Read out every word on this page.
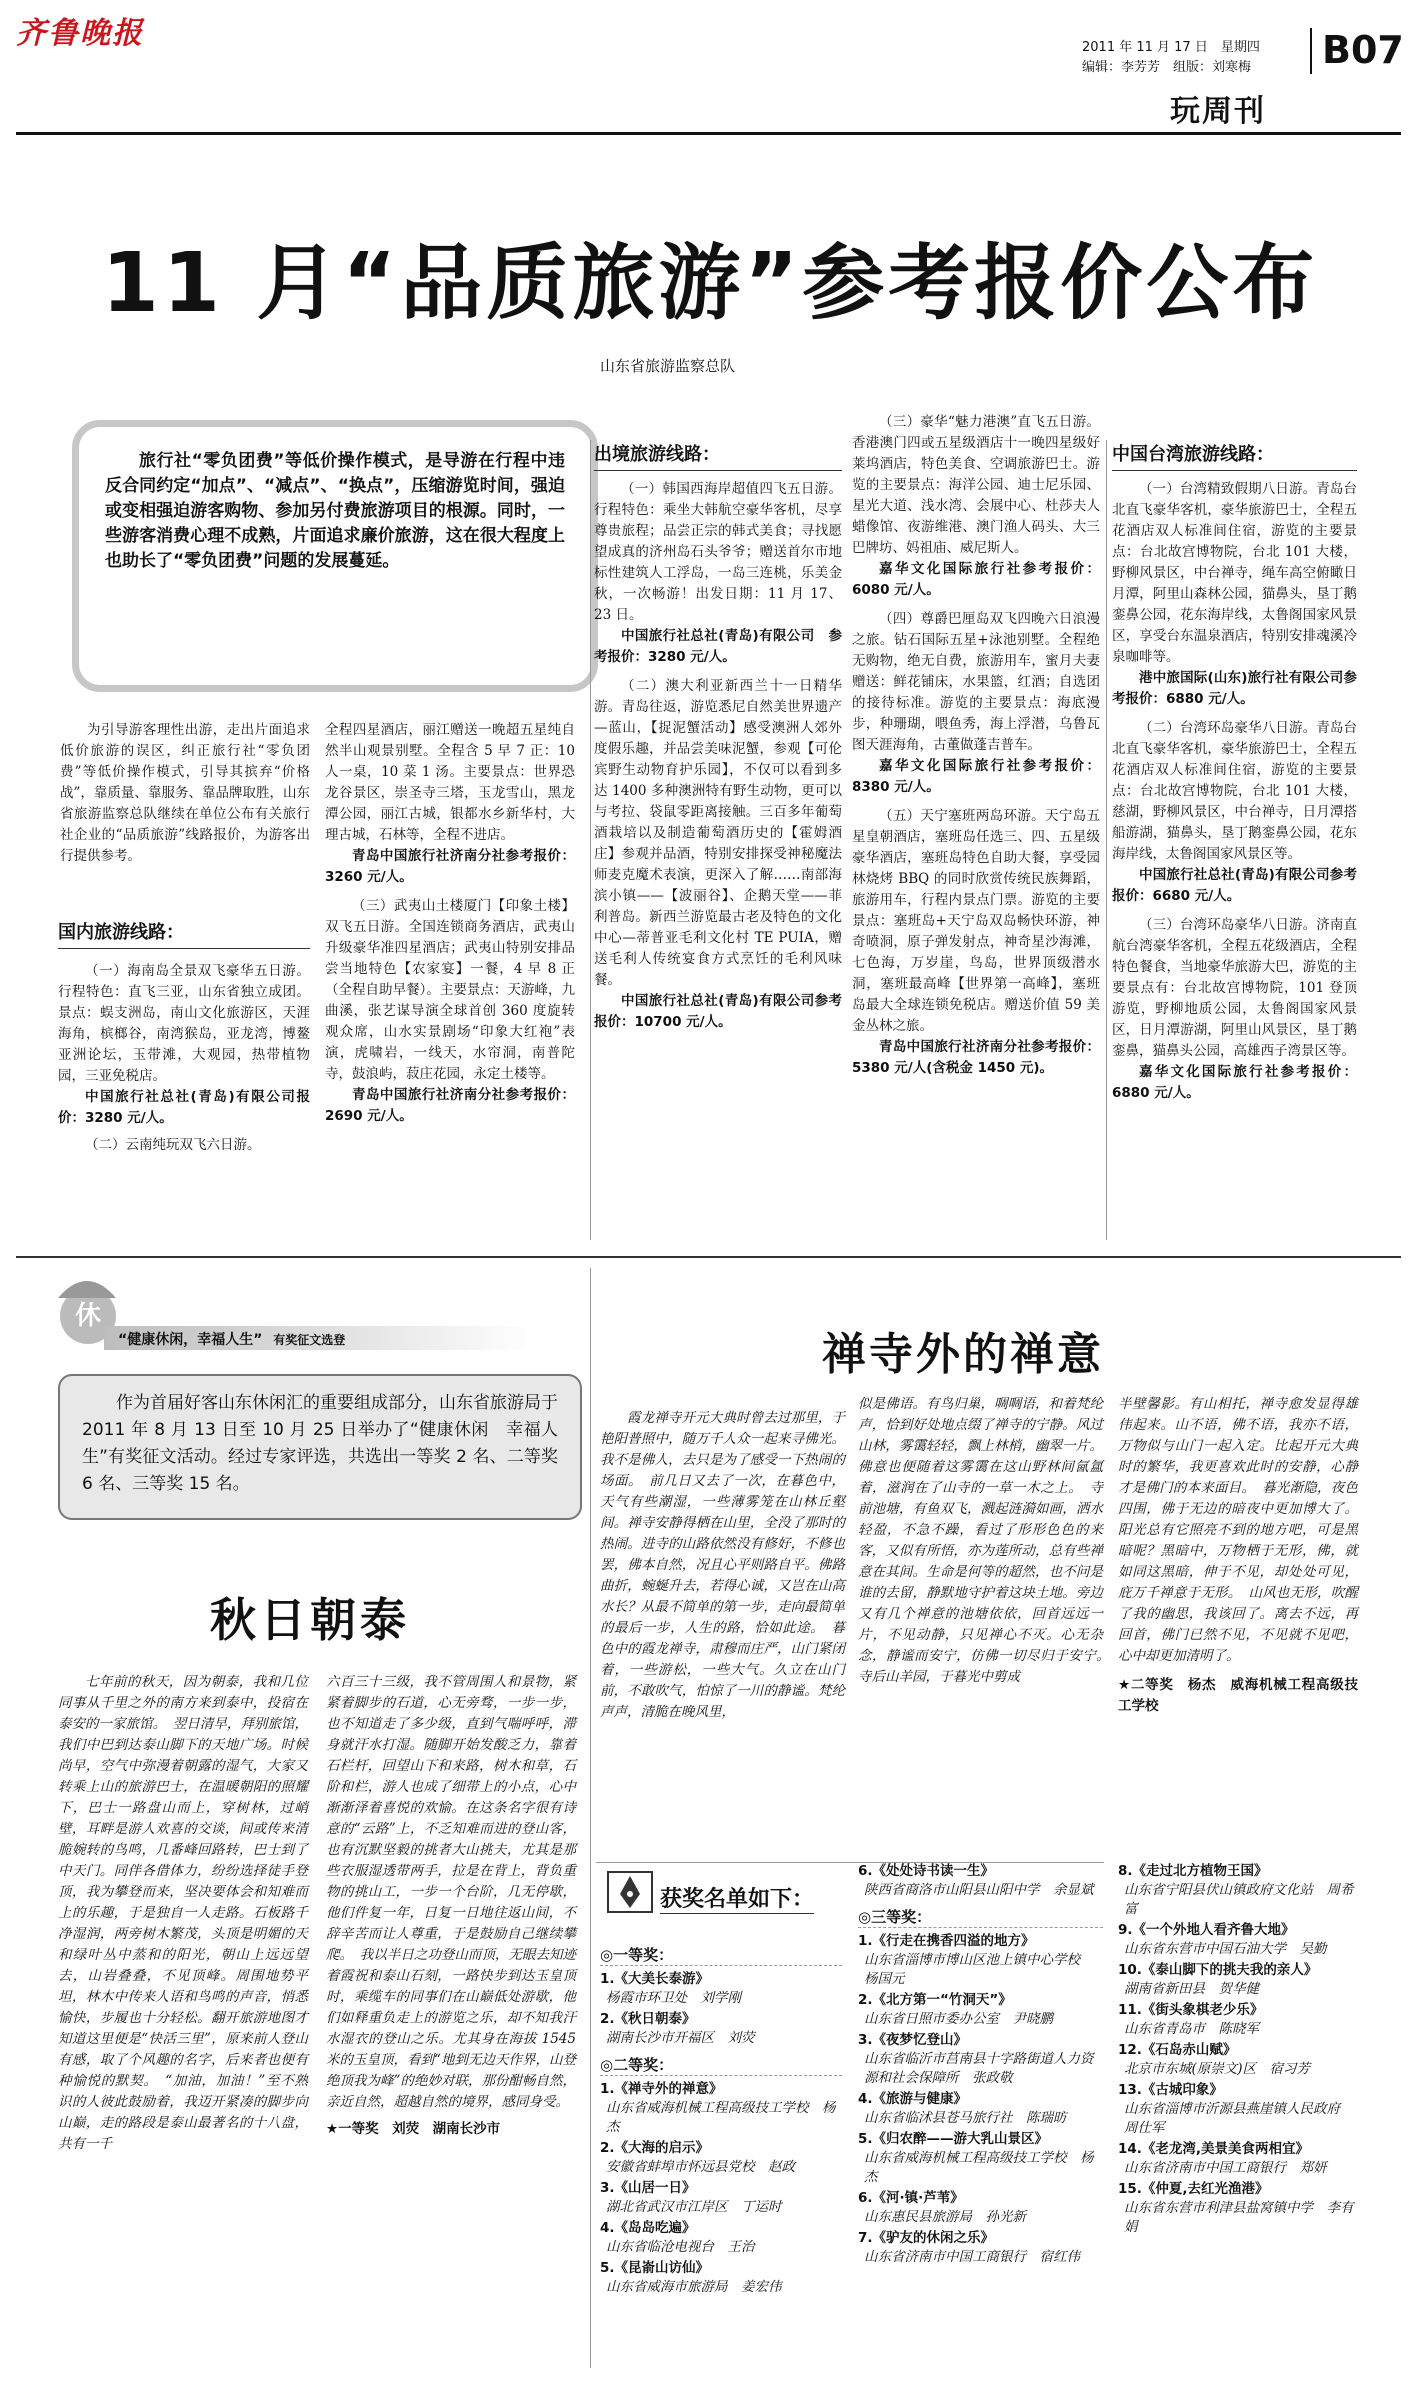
齐鲁晚报	2011 年 11 月 17 日　星期四
编辑：李芳芳　组版：刘寒梅 B07
玩周刊
11 月“品质旅游”参考报价公布
山东省旅游监察总队

旅行社“零负团费”等低价操作模式，是导游在行程中违反合同约定“加点”、“减点”、“换点”，压缩游览时间，强迫或变相强迫游客购物、参加另付费旅游项目的根源。同时，一些游客消费心理不成熟，片面追求廉价旅游，这在很大程度上也助长了“零负团费”问题的发展蔓延。

为引导游客理性出游，走出片面追求低价旅游的误区，纠正旅行社“零负团费”等低价操作模式，引导其摈弃“价格战”，靠质量、靠服务、靠品牌取胜，山东省旅游监察总队继续在单位公布有关旅行社企业的“品质旅游”线路报价，为游客出行提供参考。

国内旅游线路：

（一）海南岛全景双飞豪华五日游。行程特色：直飞三亚，山东省独立成团。景点：蜈支洲岛，南山文化旅游区，天涯海角，槟榔谷，南湾猴岛，亚龙湾，博鳌亚洲论坛，玉带滩，大观园，热带植物园，三亚免税店。

中国旅行社总社(青岛)有限公司报价：3280 元/人。

（二）云南纯玩双飞六日游。

全程四星酒店，丽江赠送一晚超五星纯自然半山观景别墅。全程含 5 早 7 正：10 人一桌，10 菜 1 汤。主要景点：世界恐龙谷景区，崇圣寺三塔，玉龙雪山，黑龙潭公园，丽江古城，银都水乡新华村，大理古城，石林等，全程不进店。

青岛中国旅行社济南分社参考报价：3260 元/人。

（三）武夷山土楼厦门【印象土楼】双飞五日游。全国连锁商务酒店，武夷山升级豪华准四星酒店；武夷山特别安排品尝当地特色【农家宴】一餐，4 早 8 正（全程自助早餐）。主要景点：天游峰，九曲溪，张艺谋导演全球首创 360 度旋转观众席，山水实景剧场“印象大红袍”表演，虎啸岩，一线天，水帘洞，南普陀寺，鼓浪屿，菽庄花园，永定土楼等。

青岛中国旅行社济南分社参考报价：2690 元/人。

出境旅游线路：

（一）韩国西海岸超值四飞五日游。行程特色：乘坐大韩航空豪华客机，尽享尊贵旅程；品尝正宗的韩式美食；寻找愿望成真的济州岛石头爷爷；赠送首尔市地标性建筑人工浮岛，一岛三连桃，乐美金秋，一次畅游！出发日期：11 月 17、23 日。

中国旅行社总社(青岛)有限公司　参考报价：3280 元/人。

（二）澳大利亚新西兰十一日精华游。青岛往返，游览悉尼自然美世界遗产—蓝山，【捉泥蟹活动】感受澳洲人郊外度假乐趣，并品尝美味泥蟹，参观【可伦宾野生动物育护乐园】，不仅可以看到多达 1400 多种澳洲特有野生动物，更可以与考拉、袋鼠零距离接触。三百多年葡萄酒栽培以及制造葡萄酒历史的【霍姆酒庄】参观并品酒，特别安排探受神秘魔法师麦克魔术表演，更深入了解……南部海滨小镇——【波丽谷】、企鹅天堂——菲利普岛。新西兰游览最古老及特色的文化中心—蒂普亚毛利文化村 TE PUIA，赠送毛利人传统宴食方式烹饪的毛利风味餐。

中国旅行社总社(青岛)有限公司参考报价：10700 元/人。

（三）豪华“魅力港澳”直飞五日游。香港澳门四或五星级酒店十一晚四星级好莱坞酒店，特色美食、空调旅游巴士。游览的主要景点：海洋公园、迪士尼乐园、星光大道、浅水湾、会展中心、杜莎夫人蜡像馆、夜游维港、澳门渔人码头、大三巴牌坊、妈祖庙、威尼斯人。

嘉华文化国际旅行社参考报价：6080 元/人。

（四）尊爵巴厘岛双飞四晚六日浪漫之旅。钻石国际五星+泳池别墅。全程绝无购物，绝无自费，旅游用车，蜜月夫妻赠送：鲜花铺床，水果篮，红酒；自选团的接待标准。游览的主要景点：海底漫步，种珊瑚，喂鱼秀，海上浮潜，乌鲁瓦图天涯海角，古董做蓬吉普车。

嘉华文化国际旅行社参考报价：8380 元/人。

（五）天宁塞班两岛环游。天宁岛五星皇朝酒店，塞班岛任选三、四、五星级豪华酒店，塞班岛特色自助大餐，享受园林烧烤 BBQ 的同时欣赏传统民族舞蹈，旅游用车，行程内景点门票。游览的主要景点：塞班岛+天宁岛双岛畅快环游，神奇喷洞，原子弹发射点，神奇星沙海滩，七色海，万岁崖，鸟岛，世界顶级潜水洞，塞班最高峰【世界第一高峰】，塞班岛最大全球连锁免税店。赠送价值 59 美金丛林之旅。

青岛中国旅行社济南分社参考报价：5380 元/人(含税金 1450 元)。

中国台湾旅游线路：

（一）台湾精致假期八日游。青岛台北直飞豪华客机，豪华旅游巴士，全程五花酒店双人标准间住宿，游览的主要景点：台北故宫博物院，台北 101 大楼，野柳风景区，中台禅寺，绳车高空俯瞰日月潭，阿里山森林公园，猫鼻头，垦丁鹅銮鼻公园，花东海岸线，太鲁阁国家风景区，享受台东温泉酒店，特别安排魂溪冷泉咖啡等。

港中旅国际(山东)旅行社有限公司参考报价：6880 元/人。

（二）台湾环岛豪华八日游。青岛台北直飞豪华客机，豪华旅游巴士，全程五花酒店双人标准间住宿，游览的主要景点：台北故宫博物院，台北 101 大楼，慈湖，野柳风景区，中台禅寺，日月潭搭船游湖，猫鼻头，垦丁鹅銮鼻公园，花东海岸线，太鲁阁国家风景区等。

中国旅行社总社(青岛)有限公司参考报价：6680 元/人。

（三）台湾环岛豪华八日游。济南直航台湾豪华客机，全程五花级酒店，全程特色餐食，当地豪华旅游大巴，游览的主要景点有：台北故宫博物院，101 登顶游览，野柳地质公园，太鲁阁国家风景区，日月潭游湖，阿里山风景区，垦丁鹅銮鼻，猫鼻头公园，高雄西子湾景区等。

嘉华文化国际旅行社参考报价：6880 元/人。

休
“健康休闲，幸福人生” 有奖征文选登

作为首届好客山东休闲汇的重要组成部分，山东省旅游局于 2011 年 8 月 13 日至 10 月 25 日举办了“健康休闲　幸福人生”有奖征文活动。经过专家评选，共选出一等奖 2 名、二等奖 6 名、三等奖 15 名。

秋日朝泰

七年前的秋天，因为朝泰，我和几位同事从千里之外的南方来到泰中，投宿在泰安的一家旅馆。　翌日清早，拜别旅馆，我们中巴到达泰山脚下的天地广场。时候尚早，空气中弥漫着朝露的湿气，大家又转乘上山的旅游巴士，在温暖朝阳的照耀下，巴士一路盘山而上，穿树林，过峭壁，耳畔是游人欢喜的交谈，间或传来清脆婉转的鸟鸣，几番峰回路转，巴士到了中天门。同伴各借体力，纷纷选择徒手登顶，我为攀登而来，坚决要体会和知难而上的乐趣，于是独自一人走路。石板路千净湿润，两旁树木繁茂，头顶是明媚的天和绿叶丛中蒸和的阳光，朝山上远远望去，山岩叠叠，不见顶峰。周围地势平坦，林木中传来人语和鸟鸣的声音，悄悉愉快，步履也十分轻松。翻开旅游地图才知道这里便是“快活三里”，原来前人登山有感，取了个风趣的名字，后来者也便有种愉悦的默契。　“加油，加油！”至不熟识的人彼此鼓励着，我迈开紧凑的脚步向山巅，走的路段是泰山最著名的十八盘，共有一千

六百三十三级，我不管周围人和景物，紧紧着脚步的石道，心无旁骛，一步一步，也不知道走了多少级，直到气喘呼呼，滞身就汗水打湿。随脚开始发酸乏力，靠着石栏杆，回望山下和来路，树木和草，石阶和栏，游人也成了细带上的小点，心中渐渐泽着喜悦的欢愉。在这条名字很有诗意的“云路”上，不乏知难而进的登山客，也有沉默坚毅的挑者大山挑夫，尤其是那些衣服湿透带两手，拉是在背上，背负重物的挑山工，一步一个台阶，几无停歇，他们件复一年，日复一日地往返山间，不辞辛苦而让人尊重，于是鼓励自己继续攀爬。　我以半日之功登山而顶，无眼去知迹着霞祝和泰山石刻，一路快步到达玉皇顶时，乘缆车的同事们在山巅低处游歇，他们如释重负走上的游览之乐，却不知我汗水湿衣的登山之乐。尤其身在海拔 1545 米的玉皇顶，看到“地到无边天作界，山登绝顶我为峰”的绝妙对联，那份酣畅自然，亲近自然，超越自然的境界，感同身受。

★一等奖　刘荧　湖南长沙市

禅寺外的禅意

霞龙禅寺开元大典时曾去过那里，于艳阳普照中，随万千人众一起来寻佛光。我不是佛人，去只是为了感受一下热闹的场面。　前几日又去了一次，在暮色中，天气有些潮湿，一些薄雾笼在山林丘壑间。禅寺安静得栖在山里，全没了那时的热闹。进寺的山路依然没有修好，不修也罢，佛本自然，况且心平则路自平。佛路曲折，蜿蜒升去，若得心诚，又岂在山高水长？从最不简单的第一步，走向最简单的最后一步，人生的路，恰如此途。　暮色中的霞龙禅寺，肃穆而庄严，山门紧闭着，一些游松，一些大气。久立在山门前，不敢吹气，怕惊了一川的静谧。梵纶声声，清脆在晚风里，

似是佛语。有鸟归巢，啁啁语，和着梵纶声，恰到好处地点缀了禅寺的宁静。风过山林，雾霭轻轻，飘上林梢，幽翠一片。佛意也便随着这雾霭在这山野林间氤氲着，滋润在了山寺的一草一木之上。　寺前池塘，有鱼双飞，溅起涟漪如画，洒水轻盈，不急不躁，看过了形形色色的来客，又似有所悟，亦为莲所动，总有些禅意在其间。生命是何等的超然，也不问是谁的去留，静默地守护着这块土地。旁边又有几个禅意的池塘依依，回首远远一片，不见动静，只见禅心不灭。心无杂念，静谧而安宁，仿佛一切尽归于安宁。　寺后山羊园，于暮光中剪成

半壁馨影。有山相托，禅寺愈发显得雄伟起来。山不语，佛不语，我亦不语，万物似与山门一起入定。比起开元大典时的繁华，我更喜欢此时的安静，心静才是佛门的本来面目。　暮光渐隐，夜色四围，佛于无边的暗夜中更加博大了。阳光总有它照亮不到的地方吧，可是黑暗呢？黑暗中，万物栖于无形，佛，就如同这黑暗，伸于不见，却处处可见，庇万千禅意于无形。　山风也无形，吹醒了我的幽思，我该回了。离去不远，再回首，佛门已然不见，不见就不见吧，心中却更加清明了。

★二等奖　杨杰　威海机械工程高级技工学校

获奖名单如下：
◎一等奖：
1.《大美长泰游》
杨霞市环卫处　刘学刚
2.《秋日朝泰》
湖南长沙市开福区　刘荧
◎二等奖：
1.《禅寺外的禅意》
山东省威海机械工程高级技工学校　杨杰
2.《大海的启示》
安徽省蚌埠市怀远县党校　赵政
3.《山居一日》
湖北省武汉市江岸区　丁运时
4.《岛岛吃遍》
山东省临沧电视台　王治
5.《昆嵛山访仙》
山东省威海市旅游局　姜宏伟
6.《处处诗书读一生》
陕西省商洛市山阳县山阳中学　余显斌
◎三等奖：
1.《行走在携香四溢的地方》
山东省淄博市博山区池上镇中心学校　杨国元
2.《北方第一“竹洞天”》
山东省日照市委办公室　尹晓鹏
3.《夜梦忆登山》
山东省临沂市莒南县十字路街道人力资源和社会保障所　张政敬
4.《旅游与健康》
山东省临沭县苍马旅行社　陈瑞昉
5.《归农醉——游大乳山景区》
山东省威海机械工程高级技工学校　杨杰
6.《河·镇·芦苇》
山东惠民县旅游局　孙光新
7.《驴友的休闲之乐》
山东省济南市中国工商银行　宿红伟
8.《走过北方植物王国》
山东省宁阳县伏山镇政府文化站　周希富
9.《一个外地人看齐鲁大地》
山东省东营市中国石油大学　吴勤
10.《泰山脚下的挑夫我的亲人》
湖南省新田县　贺华健
11.《街头象棋老少乐》
山东省青岛市　陈晓军
12.《石岛赤山赋》
北京市东城(原崇文)区　宿习芳
13.《古城印象》
山东省淄博市沂源县燕崖镇人民政府　周仕军
14.《老龙湾,美景美食两相宜》
山东省济南市中国工商银行　郑妍
15.《仲夏,去红光渔港》
山东省东营市利津县盐窝镇中学　李有娟
